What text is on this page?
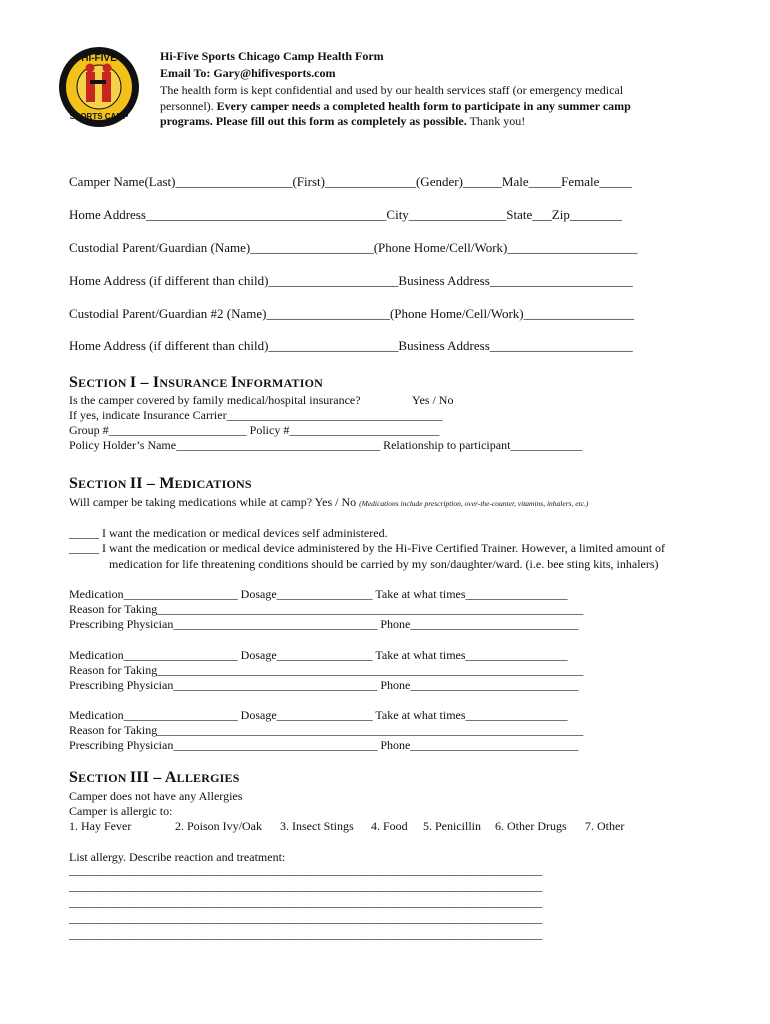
HI-FIVE
SPORTS CAMP
Hi-Five Sports Chicago Camp Health Form
Email To: Gary@hifivesports.com
The health form is kept confidential and used by our health services staff (or emergency medical
personnel). Every camper needs a completed health form to participate in any summer camp
programs. Please fill out this form as completely as possible. Thank you!
Camper Name(Last)__________________(First)______________(Gender)______Male_____Female_____
Home Address_____________________________________City_______________State___Zip________
Custodial Parent/Guardian (Name)___________________(Phone Home/Cell/Work)____________________
Home Address (if different than child)____________________Business Address______________________
Custodial Parent/Guardian #2 (Name)___________________(Phone Home/Cell/Work)_________________
Home Address (if different than child)____________________Business Address______________________
SECTION I – INSURANCE INFORMATION
Is the camper covered by family medical/hospital insurance?	Yes / No
If yes, indicate Insurance Carrier____________________________________
Group #_______________________ Policy #_________________________
Policy Holder’s Name__________________________________ Relationship to participant____________
SECTION II – MEDICATIONS
Will camper be taking medications while at camp? Yes / No (Medications include prescription, over-the-counter, vitamins, inhalers, etc.)
_____ I want the medication or medical devices self administered.
_____ I want the medication or medical device administered by the Hi-Five Certified Trainer. However, a limited amount of
medication for life threatening conditions should be carried by my son/daughter/ward. (i.e. bee sting kits, inhalers)
Medication___________________ Dosage________________ Take at what times_________________
Reason for Taking_______________________________________________________________________
Prescribing Physician__________________________________ Phone____________________________
Medication___________________ Dosage________________ Take at what times_________________
Reason for Taking_______________________________________________________________________
Prescribing Physician__________________________________ Phone____________________________
Medication___________________ Dosage________________ Take at what times_________________
Reason for Taking_______________________________________________________________________
Prescribing Physician__________________________________ Phone____________________________
SECTION III – ALLERGIES
Camper does not have any Allergies
Camper is allergic to:
1. Hay Fever	2. Poison Ivy/Oak 3. Insect Stings 4. Food 5. Penicillin 6. Other Drugs 7. Other
List allergy. Describe reaction and treatment:
______________________________________________________________________________________
______________________________________________________________________________________
______________________________________________________________________________________
______________________________________________________________________________________
______________________________________________________________________________________
